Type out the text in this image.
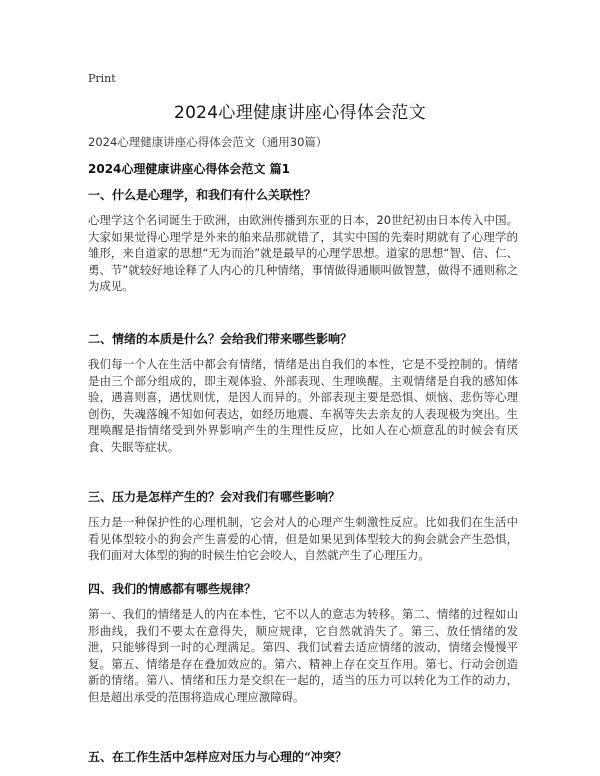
Print
2024心理健康讲座心得体会范文
2024心理健康讲座心得体会范文（通用30篇）
2024心理健康讲座心得体会范文 篇1
一、什么是心理学，和我们有什么关联性？

心理学这个名词诞生于欧洲，由欧洲传播到东亚的日本，20世纪初由日本传入中国。大家如果觉得心理学是外来的舶来品那就错了，其实中国的先秦时期就有了心理学的雏形，来自道家的思想“无为而治”就是最早的心理学思想。道家的思想“智、信、仁、勇、节”就较好地诠释了人内心的几种情绪，事情做得通顺叫做智慧，做得不通则称之为成见。

二、情绪的本质是什么？会给我们带来哪些影响？

我们每一个人在生活中都会有情绪，情绪是出自我们的本性，它是不受控制的。情绪是由三个部分组成的，即主观体验、外部表现、生理唤醒。主观情绪是自我的感知体验，遇喜则喜，遇忧则忧，是因人而异的。外部表现主要是恐惧、烦恼、悲伤等心理创伤，失魂落魄不知如何表达，如经历地震、车祸等失去亲友的人表现极为突出。生理唤醒是指情绪受到外界影响产生的生理性反应，比如人在心烦意乱的时候会有厌食、失眠等症状。

三、压力是怎样产生的？会对我们有哪些影响？

压力是一种保护性的心理机制，它会对人的心理产生刺激性反应。比如我们在生活中看见体型较小的狗会产生喜爱的心情，但是如果见到体型较大的狗会就会产生恐惧，我们面对大体型的狗的时候生怕它会咬人，自然就产生了心理压力。

四、我们的情感都有哪些规律？

第一、我们的情绪是人的内在本性，它不以人的意志为转移。第二、情绪的过程如山形曲线，我们不要太在意得失，顺应规律，它自然就消失了。第三、放任情绪的发泄，只能够得到一时的心理满足。第四、我们试着去适应情绪的波动，情绪会慢慢平复。第五、情绪是存在叠加效应的。第六、精神上存在交互作用。第七、行动会创造新的情绪。第八、情绪和压力是交织在一起的，适当的压力可以转化为工作的动力，但是超出承受的范围将造成心理应激障碍。

五、在工作生活中怎样应对压力与心理的“冲突？
